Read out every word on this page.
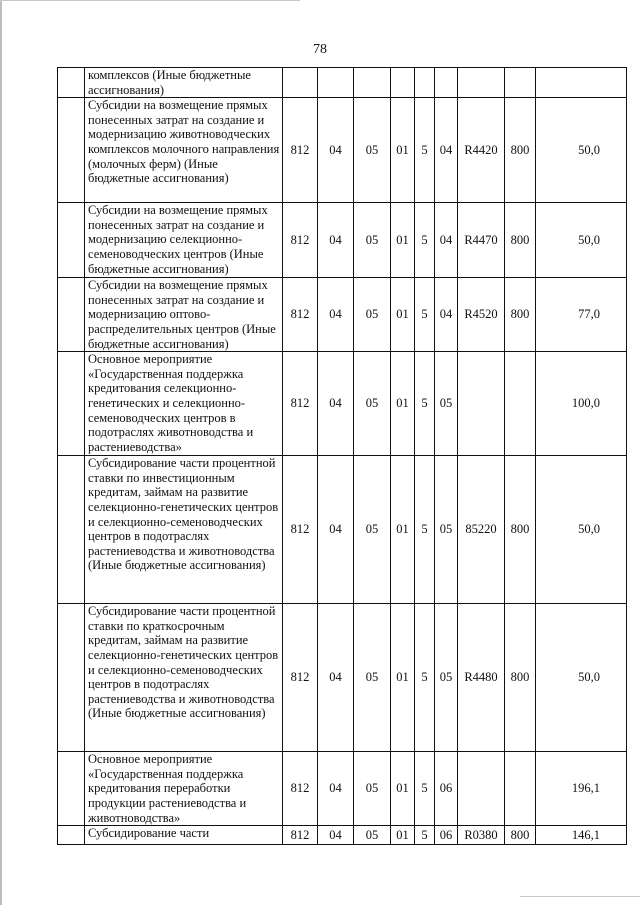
78
	комплексов (Иные бюджетные ассигнования)									
	Субсидии на возмещение прямых понесенных затрат на создание и модернизацию животноводческих комплексов молочного направления (молочных ферм) (Иные бюджетные ассигнования)	812	04	05	01	5	04	R4420	800	50,0
	Субсидии на возмещение прямых понесенных затрат на создание и модернизацию селекционно-семеноводческих центров (Иные бюджетные ассигнования)	812	04	05	01	5	04	R4470	800	50,0
	Субсидии на возмещение прямых понесенных затрат на создание и модернизацию оптово-распределительных центров (Иные бюджетные ассигнования)	812	04	05	01	5	04	R4520	800	77,0
	Основное мероприятие «Государственная поддержка кредитования селекционно-генетических и селекционно-семеноводческих центров в подотраслях животноводства и растениеводства»	812	04	05	01	5	05			100,0
	Субсидирование части процентной ставки по инвестиционным кредитам, займам на развитие селекционно-генетических центров и селекционно-семеноводческих центров в подотраслях растениеводства и животноводства (Иные бюджетные ассигнования)	812	04	05	01	5	05	85220	800	50,0
	Субсидирование части процентной ставки по краткосрочным кредитам, займам на развитие селекционно-генетических центров и селекционно-семеноводческих центров в подотраслях растениеводства и животноводства (Иные бюджетные ассигнования)	812	04	05	01	5	05	R4480	800	50,0
	Основное мероприятие «Государственная поддержка кредитования переработки продукции растениеводства и животноводства»	812	04	05	01	5	06			196,1
	Субсидирование части	812	04	05	01	5	06	R0380	800	146,1
